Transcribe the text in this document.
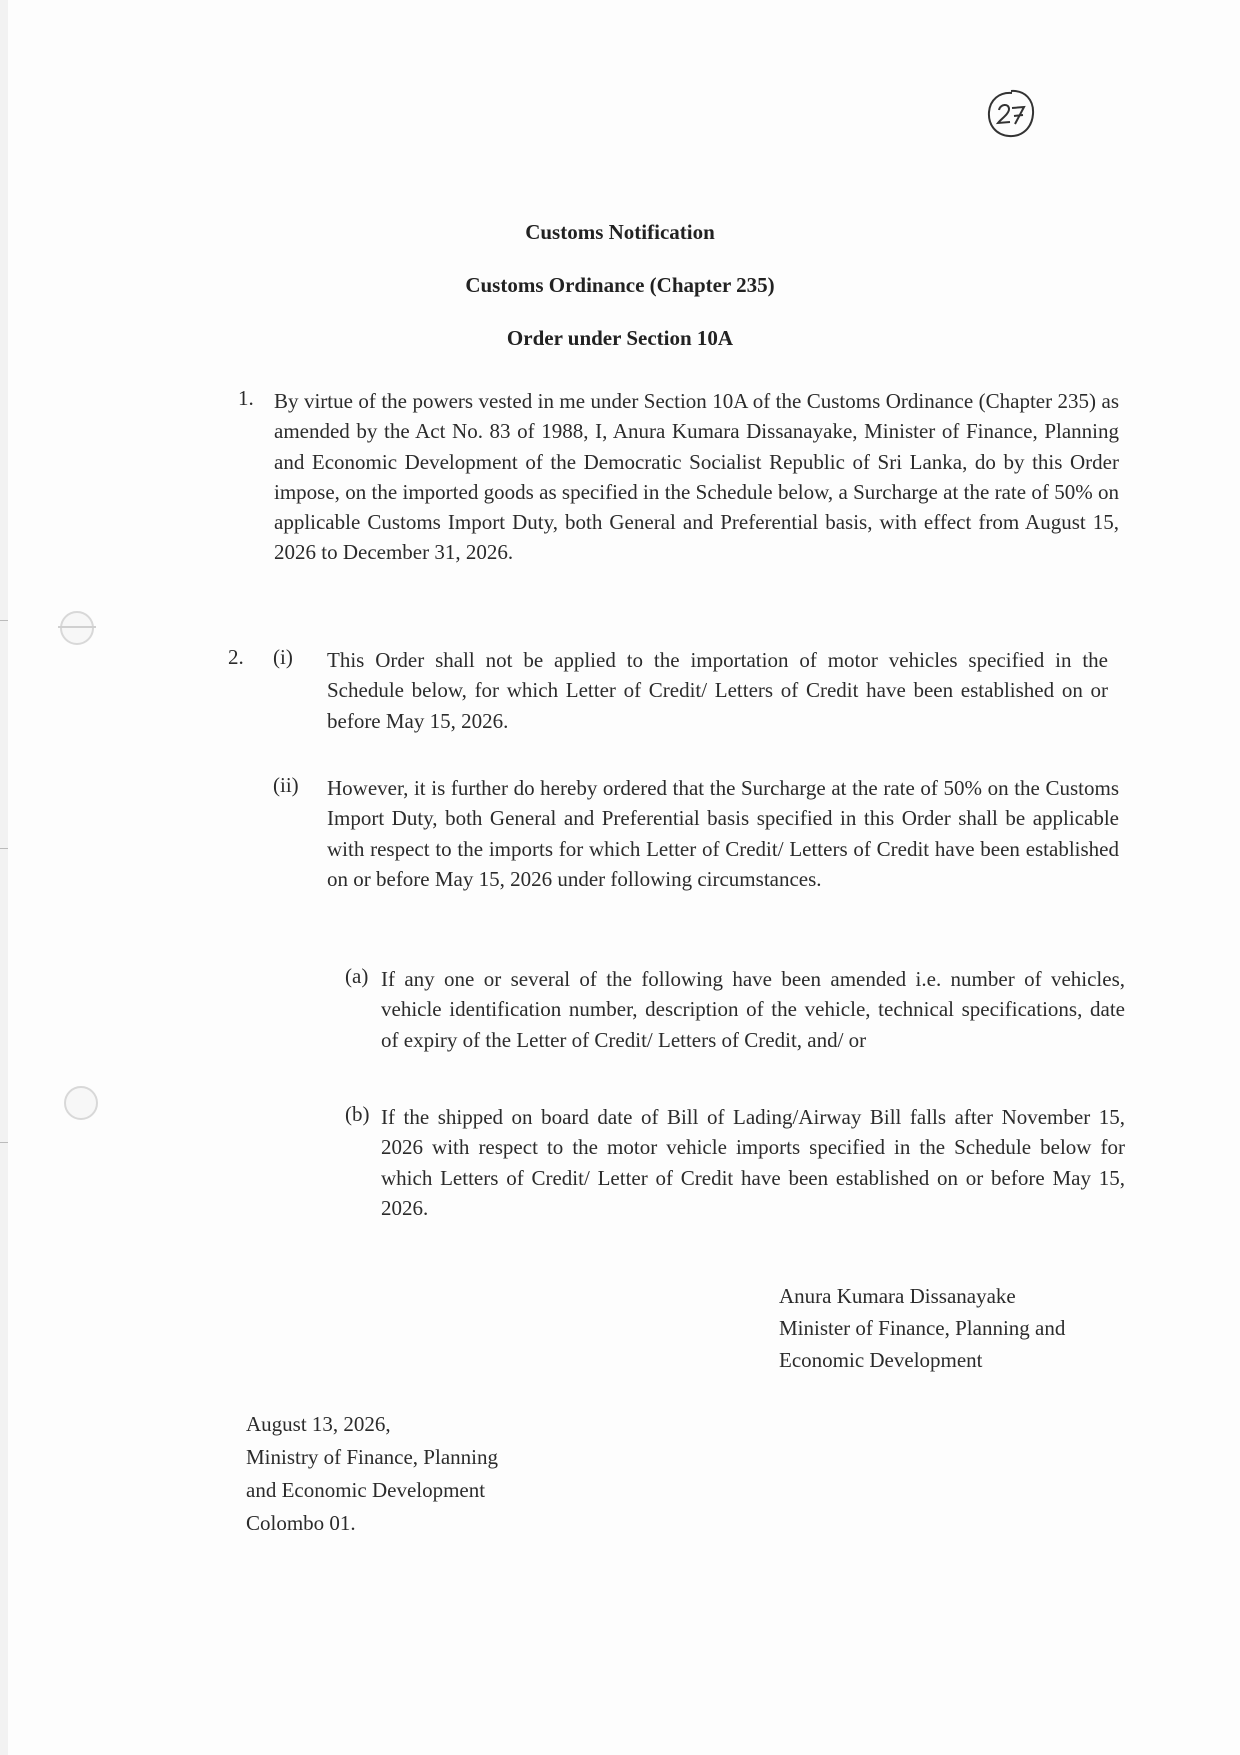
Customs Notification
Customs Ordinance (Chapter 235)
Order under Section 10A
1. By virtue of the powers vested in me under Section 10A of the Customs Ordinance (Chapter 235) as amended by the Act No. 83 of 1988, I, Anura Kumara Dissanayake, Minister of Finance, Planning and Economic Development of the Democratic Socialist Republic of Sri Lanka, do by this Order impose, on the imported goods as specified in the Schedule below, a Surcharge at the rate of 50% on applicable Customs Import Duty, both General and Preferential basis, with effect from August 15, 2026 to December 31, 2026.
2. (i) This Order shall not be applied to the importation of motor vehicles specified in the Schedule below, for which Letter of Credit/ Letters of Credit have been established on or before May 15, 2026.
(ii) However, it is further do hereby ordered that the Surcharge at the rate of 50% on the Customs Import Duty, both General and Preferential basis specified in this Order shall be applicable with respect to the imports for which Letter of Credit/ Letters of Credit have been established on or before May 15, 2026 under following circumstances.
(a) If any one or several of the following have been amended i.e. number of vehicles, vehicle identification number, description of the vehicle, technical specifications, date of expiry of the Letter of Credit/ Letters of Credit, and/ or
(b) If the shipped on board date of Bill of Lading/Airway Bill falls after November 15, 2026 with respect to the motor vehicle imports specified in the Schedule below for which Letters of Credit/ Letter of Credit have been established on or before May 15, 2026.
Anura Kumara Dissanayake
Minister of Finance, Planning and
Economic Development
August 13, 2026,
Ministry of Finance, Planning
and Economic Development
Colombo 01.
